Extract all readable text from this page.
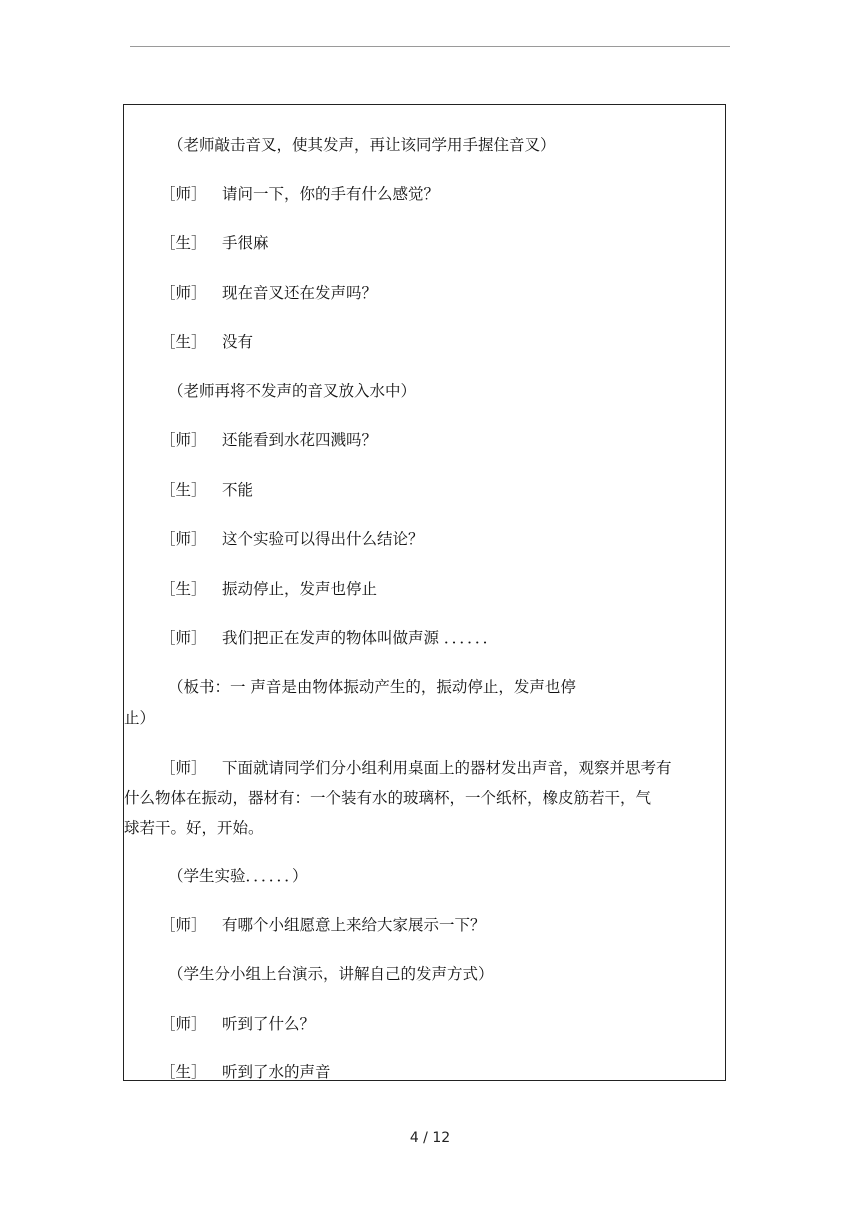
（老师敲击音叉，使其发声，再让该同学用手握住音叉）
［师］ 请问一下，你的手有什么感觉？
［生］ 手很麻
［师］ 现在音叉还在发声吗？
［生］ 没有
（老师再将不发声的音叉放入水中）
［师］ 还能看到水花四溅吗？
［生］ 不能
［师］ 这个实验可以得出什么结论？
［生］ 振动停止，发声也停止
［师］ 我们把正在发声的物体叫做声源 ．．．．．．
（板书：一 声音是由物体振动产生的，振动停止，发声也停
止）
［师］ 下面就请同学们分小组利用桌面上的器材发出声音，观察并思考有
什么物体在振动，器材有：一个装有水的玻璃杯，一个纸杯，橡皮筋若干，气
球若干。好，开始。
（学生实验．．．．．．）
［师］ 有哪个小组愿意上来给大家展示一下？
（学生分小组上台演示，讲解自己的发声方式）
［师］ 听到了什么？
［生］ 听到了水的声音
4 / 12
